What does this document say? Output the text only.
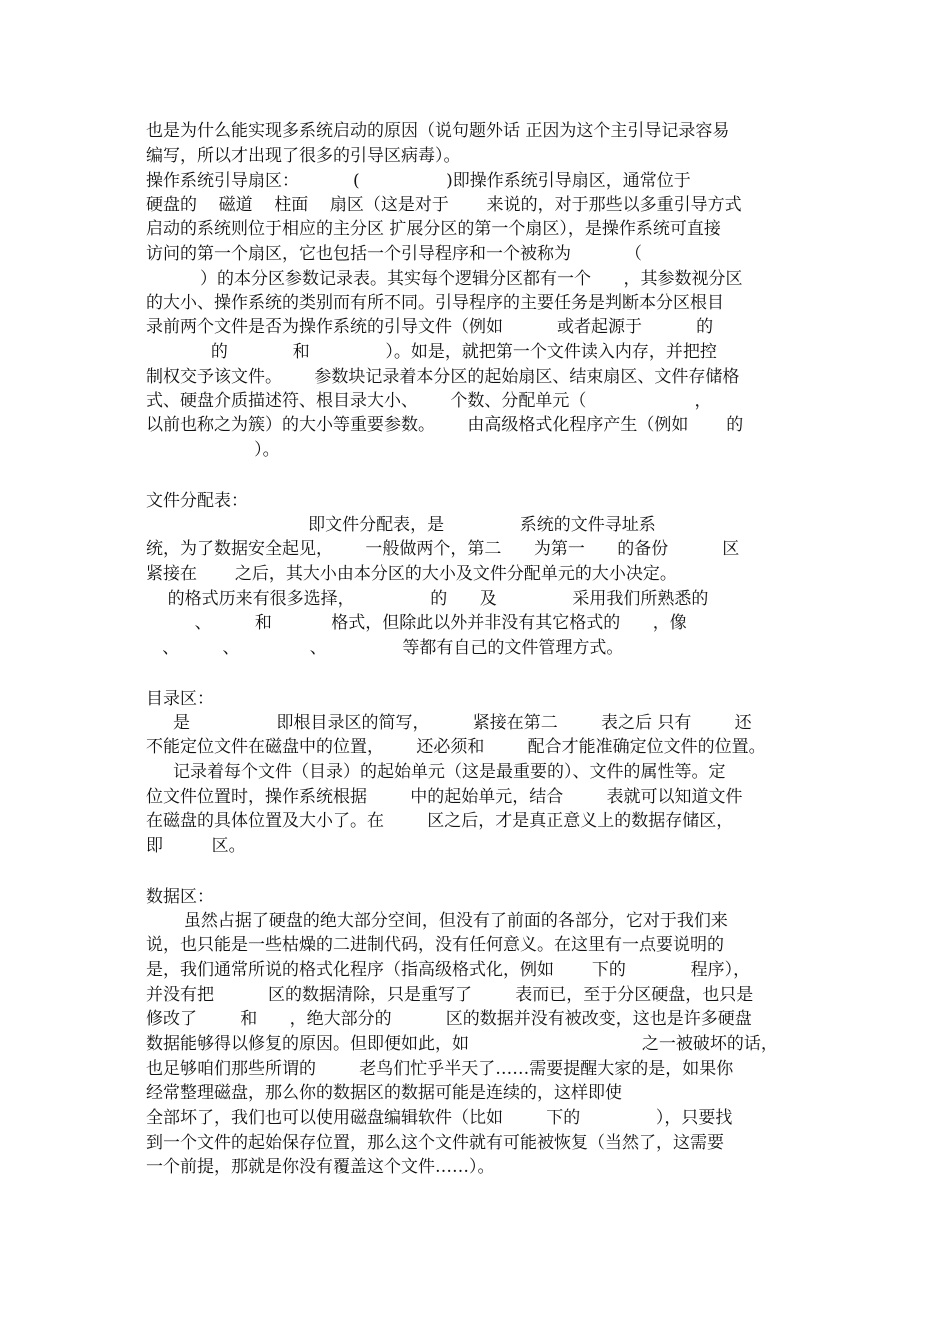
也是为什么能实现多系统启动的原因（说句题外话 正因为这个主引导记录容易
编写，所以才出现了很多的引导区病毒）。
操作系统引导扇区：          (                )即操作系统引导扇区，通常位于
硬盘的    磁道    柱面    扇区（这是对于       来说的，对于那些以多重引导方式
启动的系统则位于相应的主分区 扩展分区的第一个扇区），是操作系统可直接
访问的第一个扇区，它也包括一个引导程序和一个被称为          （
）的本分区参数记录表。其实每个逻辑分区都有一个      ，其参数视分区
的大小、操作系统的类别而有所不同。引导程序的主要任务是判断本分区根目
录前两个文件是否为操作系统的引导文件（例如          或者起源于          的
的            和              ）。如是，就把第一个文件读入内存，并把控
制权交予该文件。      参数块记录着本分区的起始扇区、结束扇区、文件存储格
式、硬盘介质描述符、根目录大小、      个数、分配单元（                    ，
以前也称之为簇）的大小等重要参数。      由高级格式化程序产生（例如       的
）。
文件分配表：
即文件分配表，是              系统的文件寻址系
统，为了数据安全起见，      一般做两个，第二      为第一      的备份          区
紧接在       之后，其大小由本分区的大小及文件分配单元的大小决定。
的格式历来有很多选择，              的      及              采用我们所熟悉的
、        和           格式，但除此以外并非没有其它格式的      ，像
、        、             、              等都有自己的文件管理方式。
目录区：
是                即根目录区的简写，        紧接在第二        表之后 只有        还
不能定位文件在磁盘中的位置，      还必须和        配合才能准确定位文件的位置。
记录着每个文件（目录）的起始单元（这是最重要的）、文件的属性等。定
位文件位置时，操作系统根据        中的起始单元，结合        表就可以知道文件
在磁盘的具体位置及大小了。在        区之后，才是真正意义上的数据存储区，
即         区。
数据区：
虽然占据了硬盘的绝大部分空间，但没有了前面的各部分，它对于我们来
说，也只能是一些枯燥的二进制代码，没有任何意义。在这里有一点要说明的
是，我们通常所说的格式化程序（指高级格式化，例如       下的            程序），
并没有把          区的数据清除，只是重写了        表而已，至于分区硬盘，也只是
修改了        和      ，绝大部分的          区的数据并没有被改变，这也是许多硬盘
数据能够得以修复的原因。但即便如此，如                                之一被破坏的话，
也足够咱们那些所谓的        老鸟们忙乎半天了……需要提醒大家的是，如果你
经常整理磁盘，那么你的数据区的数据可能是连续的，这样即使
全部坏了，我们也可以使用磁盘编辑软件（比如        下的              ），只要找
到一个文件的起始保存位置，那么这个文件就有可能被恢复（当然了，这需要
一个前提，那就是你没有覆盖这个文件……）。
